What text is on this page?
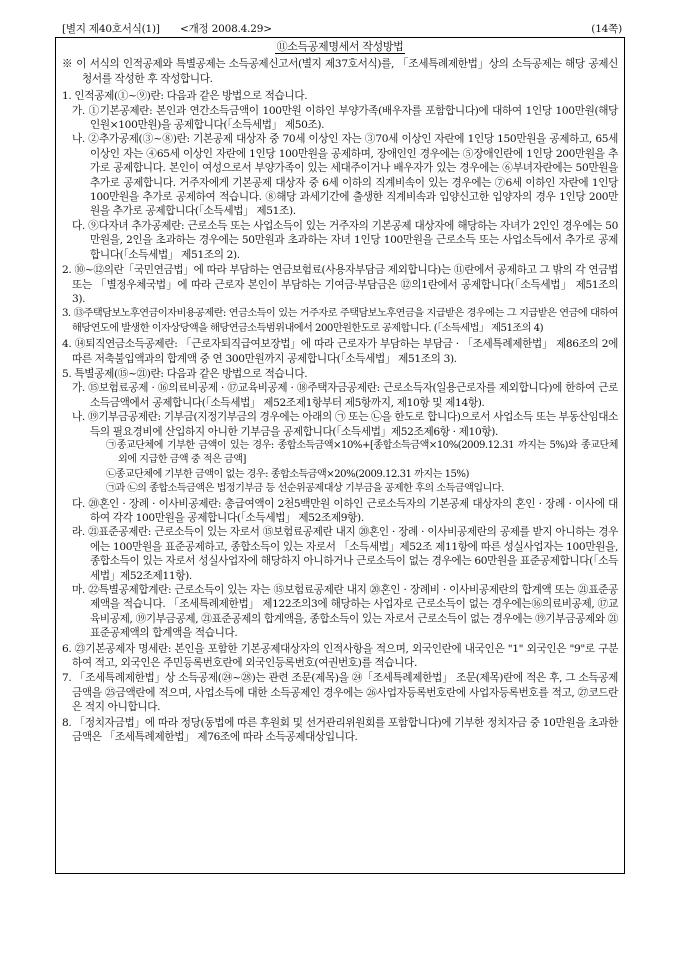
[별지 제40호서식(1)] <개정 2008.4.29>	(14쪽)
⑪소득공제명세서 작성방법

※ 이 서식의 인적공제와 특별공제는 소득공제신고서(별지 제37호서식)를, 「조세특례제한법」상의 소득공제는 해당 공제신청서를 작성한 후 작성합니다.

1. 인적공제(①~⑨)란: 다음과 같은 방법으로 적습니다.

가. ①기본공제란: 본인과 연간소득금액이 100만원 이하인 부양가족(배우자를 포함합니다)에 대하여 1인당 100만원(해당 인원×100만원)을 공제합니다(「소득세법」 제50조).

나. ②추가공제(③~⑧)란: 기본공제 대상자 중 70세 이상인 자는 ③70세 이상인 자란에 1인당 150만원을 공제하고, 65세 이상인 자는 ④65세 이상인 자란에 1인당 100만원을 공제하며, 장애인인 경우에는 ⑤장애인란에 1인당 200만원을 추가로 공제합니다. 본인이 여성으로서 부양가족이 있는 세대주이거나 배우자가 있는 경우에는 ⑥부녀자란에는 50만원을 추가로 공제합니다. 거주자에게 기본공제 대상자 중 6세 이하의 직계비속이 있는 경우에는 ⑦6세 이하인 자란에 1인당 100만원을 추가로 공제하여 적습니다. ⑧해당 과세기간에 출생한 직계비속과 입양신고한 입양자의 경우 1인당 200만원을 추가로 공제합니다(「소득세법」 제51조).

다. ⑨다자녀 추가공제란: 근로소득 또는 사업소득이 있는 거주자의 기본공제 대상자에 해당하는 자녀가 2인인 경우에는 50만원을, 2인을 초과하는 경우에는 50만원과 초과하는 자녀 1인당 100만원을 근로소득 또는 사업소득에서 추가로 공제합니다(「소득세법」 제51조의 2).

2. ⑩~⑫의란「국민연금법」에 따라 부담하는 연금보험료(사용자부담금 제외합니다)는 ⑪란에서 공제하고 그 밖의 각 연금법 또는 「별정우체국법」에 따라 근로자 본인이 부담하는 기여금·부담금은 ⑫의1란에서 공제합니다(「소득세법」 제51조의 3).

3. ⑬주택담보노후연금이자비용공제란: 연금소득이 있는 거주자로 주택담보노후연금을 지급받은 경우에는 그 지급받은 연금에 대하여 해당연도에 발생한 이자상당액을 해당연금소득범위내에서 200만원한도로 공제합니다. (「소득세법」 제51조의 4)

4. ⑭퇴직연금소득공제란: 「근로자퇴직급여보장법」에 따라 근로자가 부담하는 부담금 · 「조세특례제한법」 제86조의 2에 따른 저축불입액과의 합계액 중 연 300만원까지 공제합니다(「소득세법」 제51조의 3).

5. 특별공제(⑮~㉑)란: 다음과 같은 방법으로 적습니다.

가. ⑮보험료공제 · ⑯의료비공제 · ⑰교육비공제 · ⑱주택자금공제란: 근로소득자(일용근로자를 제외합니다)에 한하여 근로소득금액에서 공제합니다(「소득세법」 제52조제1항부터 제5항까지, 제10항 및 제14항).

나. ⑲기부금공제란: 기부금(지정기부금의 경우에는 아래의 ㉠ 또는 ㉡을 한도로 합니다)으로서 사업소득 또는 부동산임대소득의 필요경비에 산입하지 아니한 기부금을 공제합니다(「소득세법」제52조제6항 · 제10항).

㉠종교단체에 기부한 금액이 있는 경우: 종합소득금액×10%+[종합소득금액×10%(2009.12.31 까지는 5%)와 종교단체 외에 지급한 금액 중 적은 금액]

㉡종교단체에 기부한 금액이 없는 경우: 종합소득금액×20%(2009.12.31 까지는 15%)

㉠과 ㉡의 종합소득금액은 법정기부금 등 선순위공제대상 기부금을 공제한 후의 소득금액입니다.

다. ⑳혼인 · 장례 · 이사비공제란: 총급여액이 2천5백만원 이하인 근로소득자의 기본공제 대상자의 혼인 · 장례 · 이사에 대하여 각각 100만원을 공제합니다(「소득세법」 제52조제9항).

라. ㉑표준공제란: 근로소득이 있는 자로서 ⑮보험료공제란 내지 ⑳혼인 · 장례 · 이사비공제란의 공제를 받지 아니하는 경우에는 100만원을 표준공제하고, 종합소득이 있는 자로서 「소득세법」제52조 제11항에 따른 성실사업자는 100만원을, 종합소득이 있는 자로서 성실사업자에 해당하지 아니하거나 근로소득이 없는 경우에는 60만원을 표준공제합니다(「소득세법」제52조제11항).

마. ㉒특별공제합계란: 근로소득이 있는 자는 ⑮보험료공제란 내지 ⑳혼인 · 장례비 · 이사비공제란의 합계액 또는 ㉑표준공제액을 적습니다. 「조세특례제한법」 제122조의3에 해당하는 사업자로 근로소득이 없는 경우에는⑯의료비공제, ⑰교육비공제, ⑲기부금공제, ㉑표준공제의 합계액을, 종합소득이 있는 자로서 근로소득이 없는 경우에는 ⑲기부금공제와 ㉑표준공제액의 합계액을 적습니다.

6. ㉓기본공제자 명세란: 본인을 포함한 기본공제대상자의 인적사항을 적으며, 외국인란에 내국인은 "1" 외국인은 "9"로 구분하여 적고, 외국인은 주민등록번호란에 외국인등록번호(여권번호)를 적습니다.

7. 「조세특례제한법」상 소득공제(㉔~㉘)는 관련 조문(제목)을 ㉔「조세특례제한법」 조문(제목)란에 적은 후, 그 소득공제 금액을 ㉕금액란에 적으며, 사업소득에 대한 소득공제인 경우에는 ㉖사업자등록번호란에 사업자등록번호를 적고, ㉗코드란은 적지 아니합니다.

8. 「정치자금법」에 따라 정당(동법에 따른 후원회 및 선거관리위원회를 포함합니다)에 기부한 정치자금 중 10만원을 초과한 금액은 「조세특례제한법」 제76조에 따라 소득공제대상입니다.
